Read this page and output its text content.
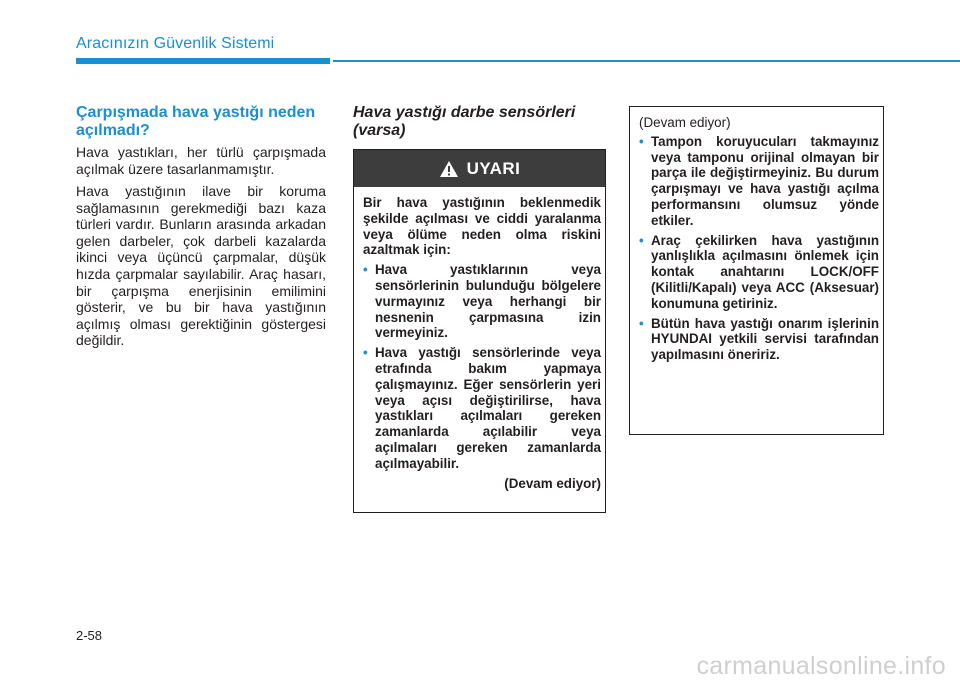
Aracınızın Güvenlik Sistemi
Çarpışmada hava yastığı neden açılmadı?

Hava yastıkları, her türlü çarpışmada açılmak üzere tasarlanmamıştır.

Hava yastığının ilave bir koruma sağlamasının gerekmediği bazı kaza türleri vardır. Bunların arasında arkadan gelen darbeler, çok darbeli kazalarda ikinci veya üçüncü çarpmalar, düşük hızda çarpmalar sayılabilir. Araç hasarı, bir çarpışma enerjisinin emilimini gösterir, ve bu bir hava yastığının açılmış olması gerektiğinin göstergesi değildir.

Hava yastığı darbe sensörleri (varsa)
UYARI

Bir hava yastığının beklenmedik şekilde açılması ve ciddi yaralanma veya ölüme neden olma riskini azaltmak için:

• Hava yastıklarının veya sensörlerinin bulunduğu bölgelere vurmayınız veya herhangi bir nesnenin çarpmasına izin vermeyiniz.
• Hava yastığı sensörlerinde veya etrafında bakım yapmaya çalışmayınız. Eğer sensörlerin yeri veya açısı değiştirilirse, hava yastıkları açılmaları gereken zamanlarda açılabilir veya açılmaları gereken zamanlarda açılmayabilir.
(Devam ediyor)

(Devam ediyor)

• Tampon koruyucuları takmayınız veya tamponu orijinal olmayan bir parça ile değiştirmeyiniz. Bu durum çarpışmayı ve hava yastığı açılma performansını olumsuz yönde etkiler.
• Araç çekilirken hava yastığının yanlışlıkla açılmasını önlemek için kontak anahtarını LOCK/OFF (Kilitli/Kapalı) veya ACC (Aksesuar) konumuna getiriniz.
• Bütün hava yastığı onarım işlerinin HYUNDAI yetkili servisi tarafından yapılmasını öneririz.
2-58
carmanualsonline.info
